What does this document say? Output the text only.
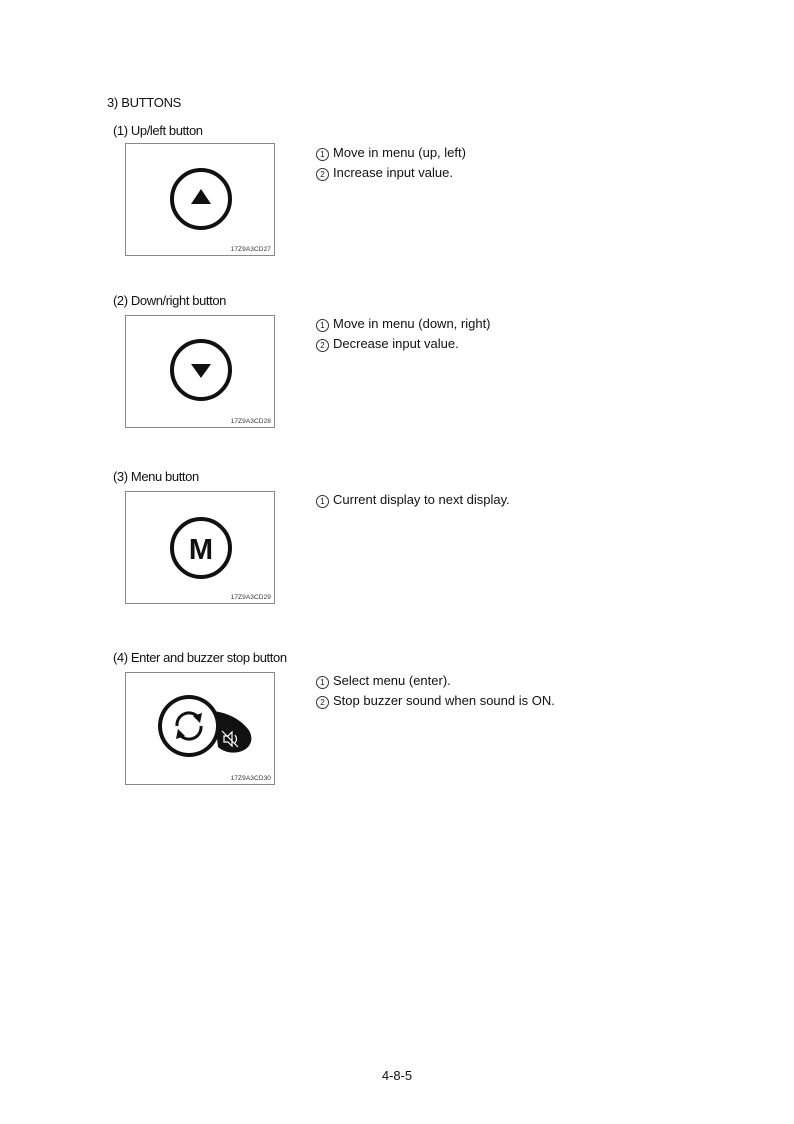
3) BUTTONS
(1) Up/left button
17Z9A3CD27
1 Move in menu (up, left)
2 Increase input value.
(2) Down/right button
17Z9A3CD28
1 Move in menu (down, right)
2 Decrease input value.
(3) Menu button
M
17Z9A3CD29
1 Current display to next display.
(4) Enter and buzzer stop button
17Z9A3CD30
1 Select menu (enter).
2 Stop buzzer sound when sound is ON.
4-8-5
